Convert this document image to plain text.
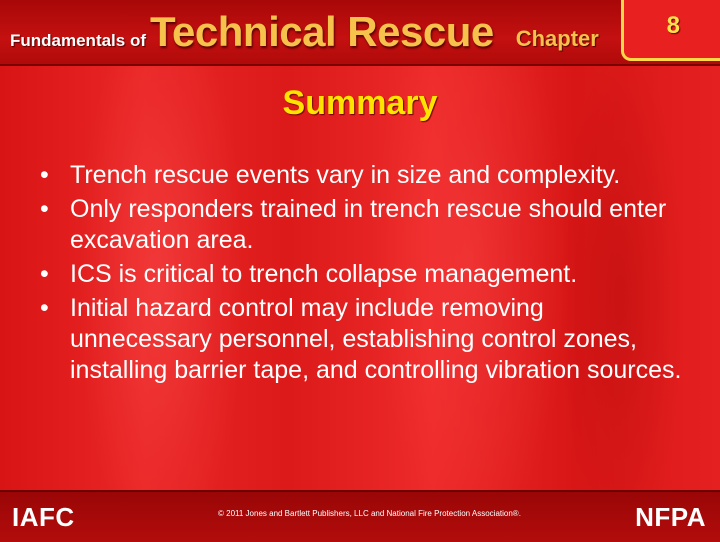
Fundamentals of Technical Rescue Chapter	8
Summary
• Trench rescue events vary in size and complexity.
• Only responders trained in trench rescue should enter excavation area.
• ICS is critical to trench collapse management.
• Initial hazard control may include removing unnecessary personnel, establishing control zones, installing barrier tape, and controlling vibration sources.
IAFC	© 2011 Jones and Bartlett Publishers, LLC and National Fire Protection Association®.	NFPA
